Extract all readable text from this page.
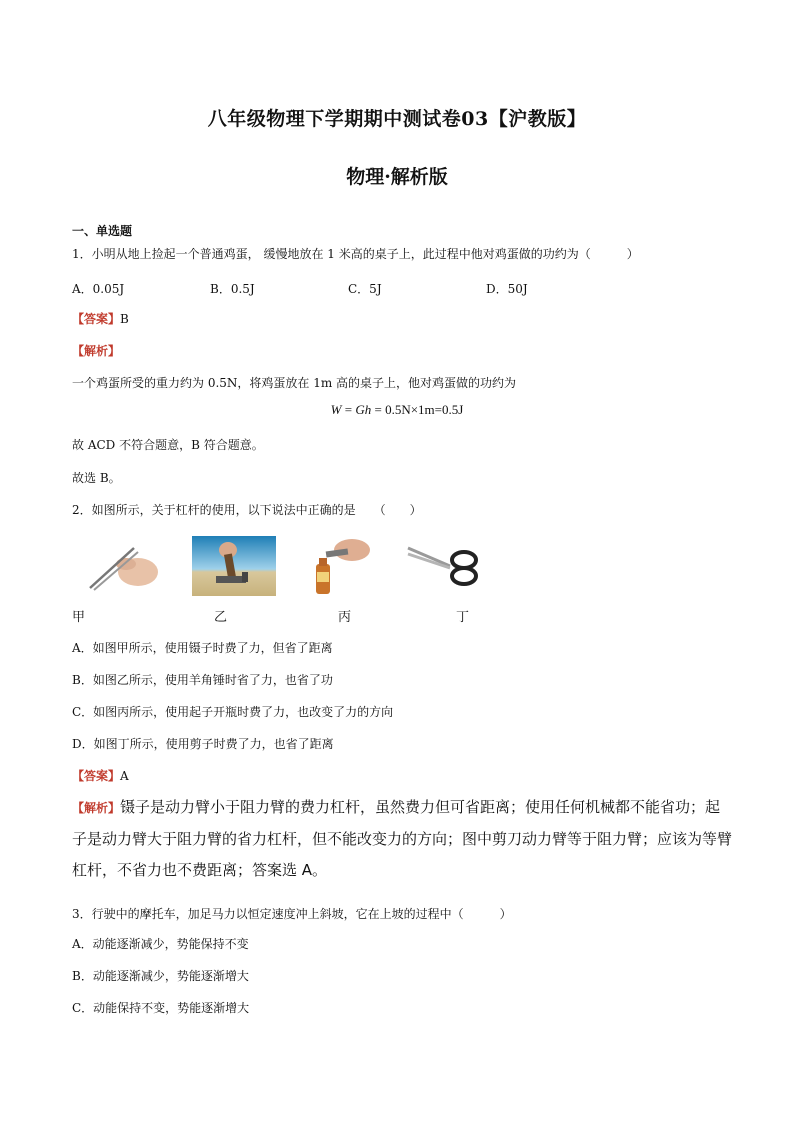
八年级物理下学期期中测试卷03【沪教版】
物理·解析版
一、单选题
1．小明从地上捡起一个普通鸡蛋， 缓慢地放在 1 米高的桌子上，此过程中他对鸡蛋做的功约为（　　　）
A．0.05J	B．0.5J	C．5J	D．50J
【答案】B
【解析】
一个鸡蛋所受的重力约为 0.5N，将鸡蛋放在 1m 高的桌子上，他对鸡蛋做的功约为
W = Gh = 0.5N×1m=0.5J
故 ACD 不符合题意，B 符合题意。
故选 B。
2．如图所示，关于杠杆的使用，以下说法中正确的是　　（　　）
甲	乙	丙	丁
A．如图甲所示，使用镊子时费了力，但省了距离
B．如图乙所示，使用羊角锤时省了力，也省了功
C．如图丙所示，使用起子开瓶时费了力，也改变了力的方向
D．如图丁所示，使用剪子时费了力，也省了距离
【答案】A
【解析】镊子是动力臂小于阻力臂的费力杠杆，虽然费力但可省距离；使用任何机械都不能省功；起子是动力臂大于阻力臂的省力杠杆，但不能改变力的方向；图中剪刀动力臂等于阻力臂；应该为等臂杠杆，不省力也不费距离；答案选 A。
3．行驶中的摩托车，加足马力以恒定速度冲上斜坡，它在上坡的过程中（　　　）
A．动能逐渐减少，势能保持不变
B．动能逐渐减少，势能逐渐增大
C．动能保持不变，势能逐渐增大
